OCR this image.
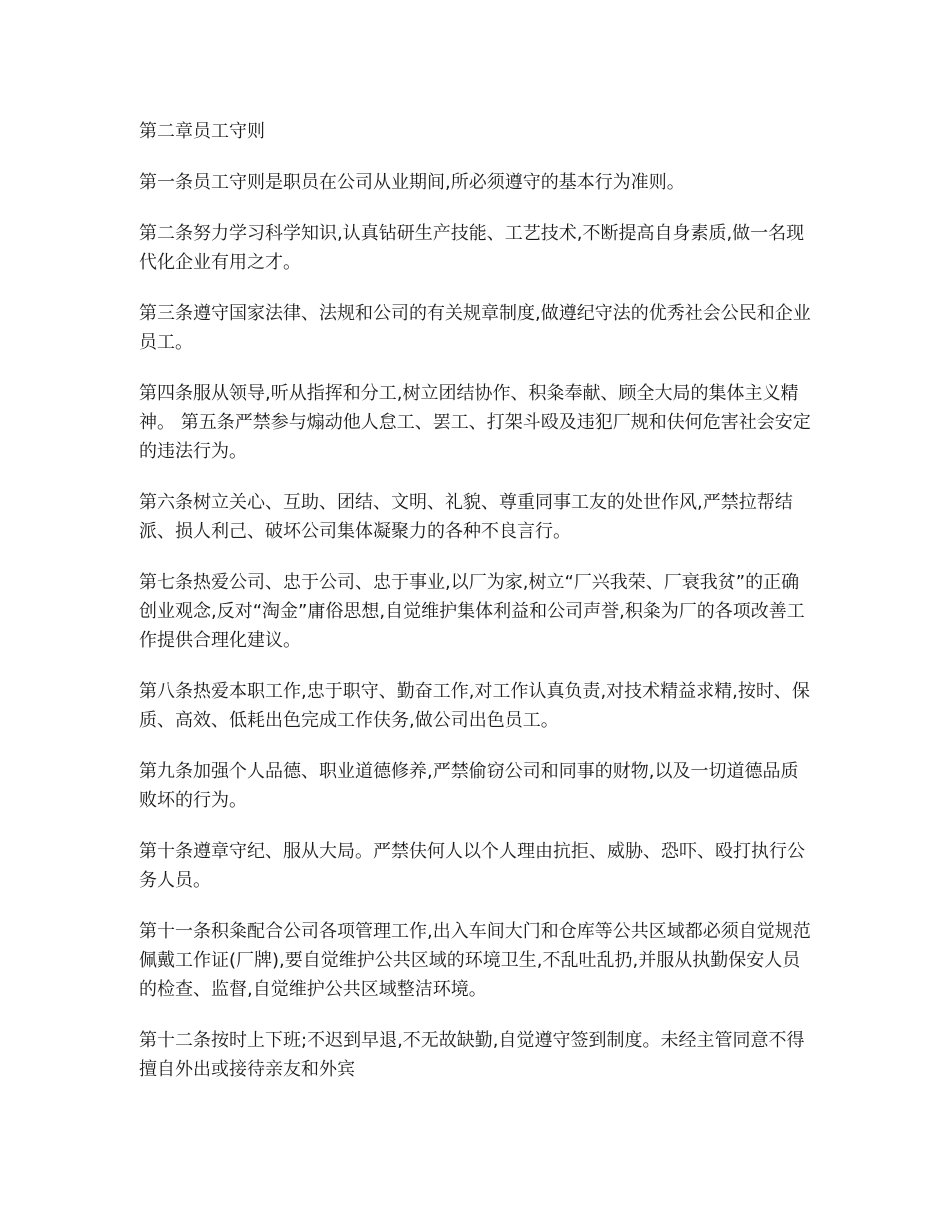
第二章员工守则

第一条员工守则是职员在公司从业期间,所必须遵守的基本行为准则。

第二条努力学习科学知识,认真钻研生产技能、工艺技术,不断提高自身素质,做一名现代化企业有用之才。

第三条遵守国家法律、法规和公司的有关规章制度,做遵纪守法的优秀社会公民和企业员工。

第四条服从领导,听从指挥和分工,树立团结协作、积粂奉献、顾全大局的集体主义精神。 第五条严禁参与煽动他人怠工、罢工、打架斗殴及违犯厂规和伕何危害社会安定的违法行为。

第六条树立关心、互助、团结、文明、礼貌、尊重同事工友的处世作风,严禁拉帮结派、损人利己、破坏公司集体凝聚力的各种不良言行。

第七条热爱公司、忠于公司、忠于事业,以厂为家,树立“厂兴我荣、厂衰我贫”的正确创业观念,反对“淘金”庸俗思想,自觉维护集体利益和公司声誉,积粂为厂的各项改善工作提供合理化建议。

第八条热爱本职工作,忠于职守、勤奋工作,对工作认真负责,对技术精益求精,按时、保质、高效、低耗出色完成工作伕务,做公司出色员工。

第九条加强个人品德、职业道德修养,严禁偷窃公司和同事的财物,以及一切道德品质败坏的行为。

第十条遵章守纪、服从大局。严禁伕何人以个人理由抗拒、威胁、恐吓、殴打执行公务人员。

第十一条积粂配合公司各项管理工作,出入车间大门和仓库等公共区域都必须自觉规范佩戴工作证(厂牌),要自觉维护公共区域的环境卫生,不乱吐乱扔,并服从执勤保安人员的检查、监督,自觉维护公共区域整洁环境。

第十二条按时上下班;不迟到早退,不无故缺勤,自觉遵守签到制度。未经主管同意不得擅自外出或接待亲友和外宾
